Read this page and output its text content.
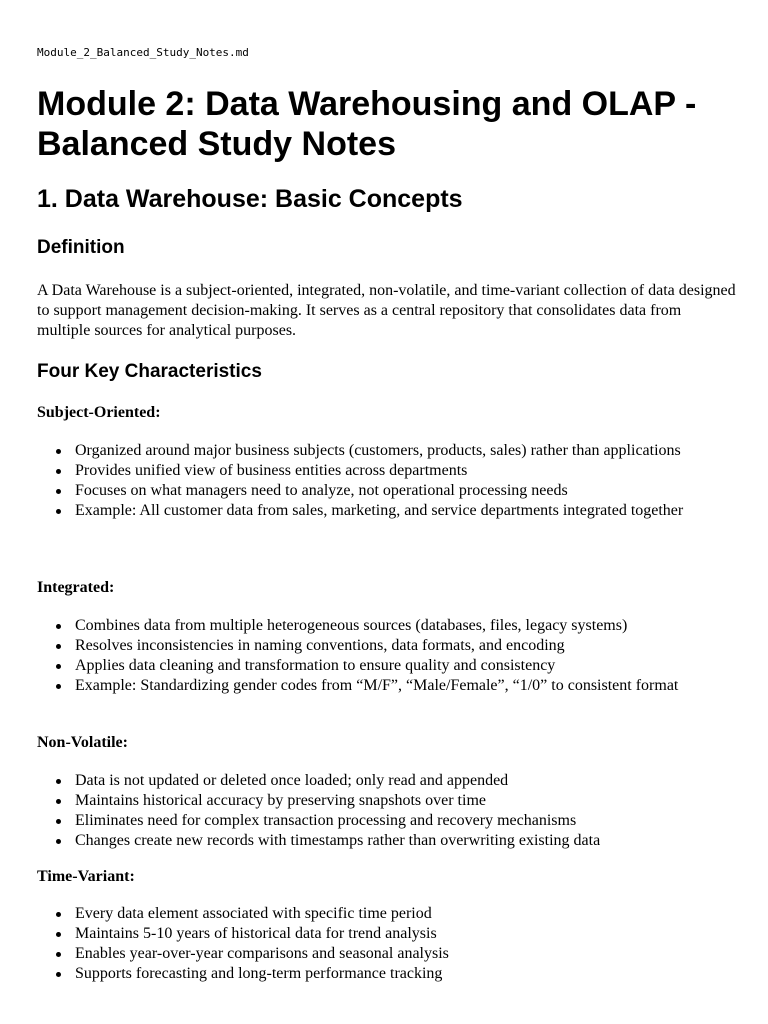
Module_2_Balanced_Study_Notes.md
Module 2: Data Warehousing and OLAP - Balanced Study Notes
1. Data Warehouse: Basic Concepts
Definition

A Data Warehouse is a subject-oriented, integrated, non-volatile, and time-variant collection of data designed to support management decision-making. It serves as a central repository that consolidates data from multiple sources for analytical purposes.

Four Key Characteristics

Subject-Oriented:

Organized around major business subjects (customers, products, sales) rather than applications
Provides unified view of business entities across departments
Focuses on what managers need to analyze, not operational processing needs
Example: All customer data from sales, marketing, and service departments integrated together

Integrated:

Combines data from multiple heterogeneous sources (databases, files, legacy systems)
Resolves inconsistencies in naming conventions, data formats, and encoding
Applies data cleaning and transformation to ensure quality and consistency
Example: Standardizing gender codes from “M/F”, “Male/Female”, “1/0” to consistent format

Non-Volatile:

Data is not updated or deleted once loaded; only read and appended
Maintains historical accuracy by preserving snapshots over time
Eliminates need for complex transaction processing and recovery mechanisms
Changes create new records with timestamps rather than overwriting existing data

Time-Variant:

Every data element associated with specific time period
Maintains 5-10 years of historical data for trend analysis
Enables year-over-year comparisons and seasonal analysis
Supports forecasting and long-term performance tracking
